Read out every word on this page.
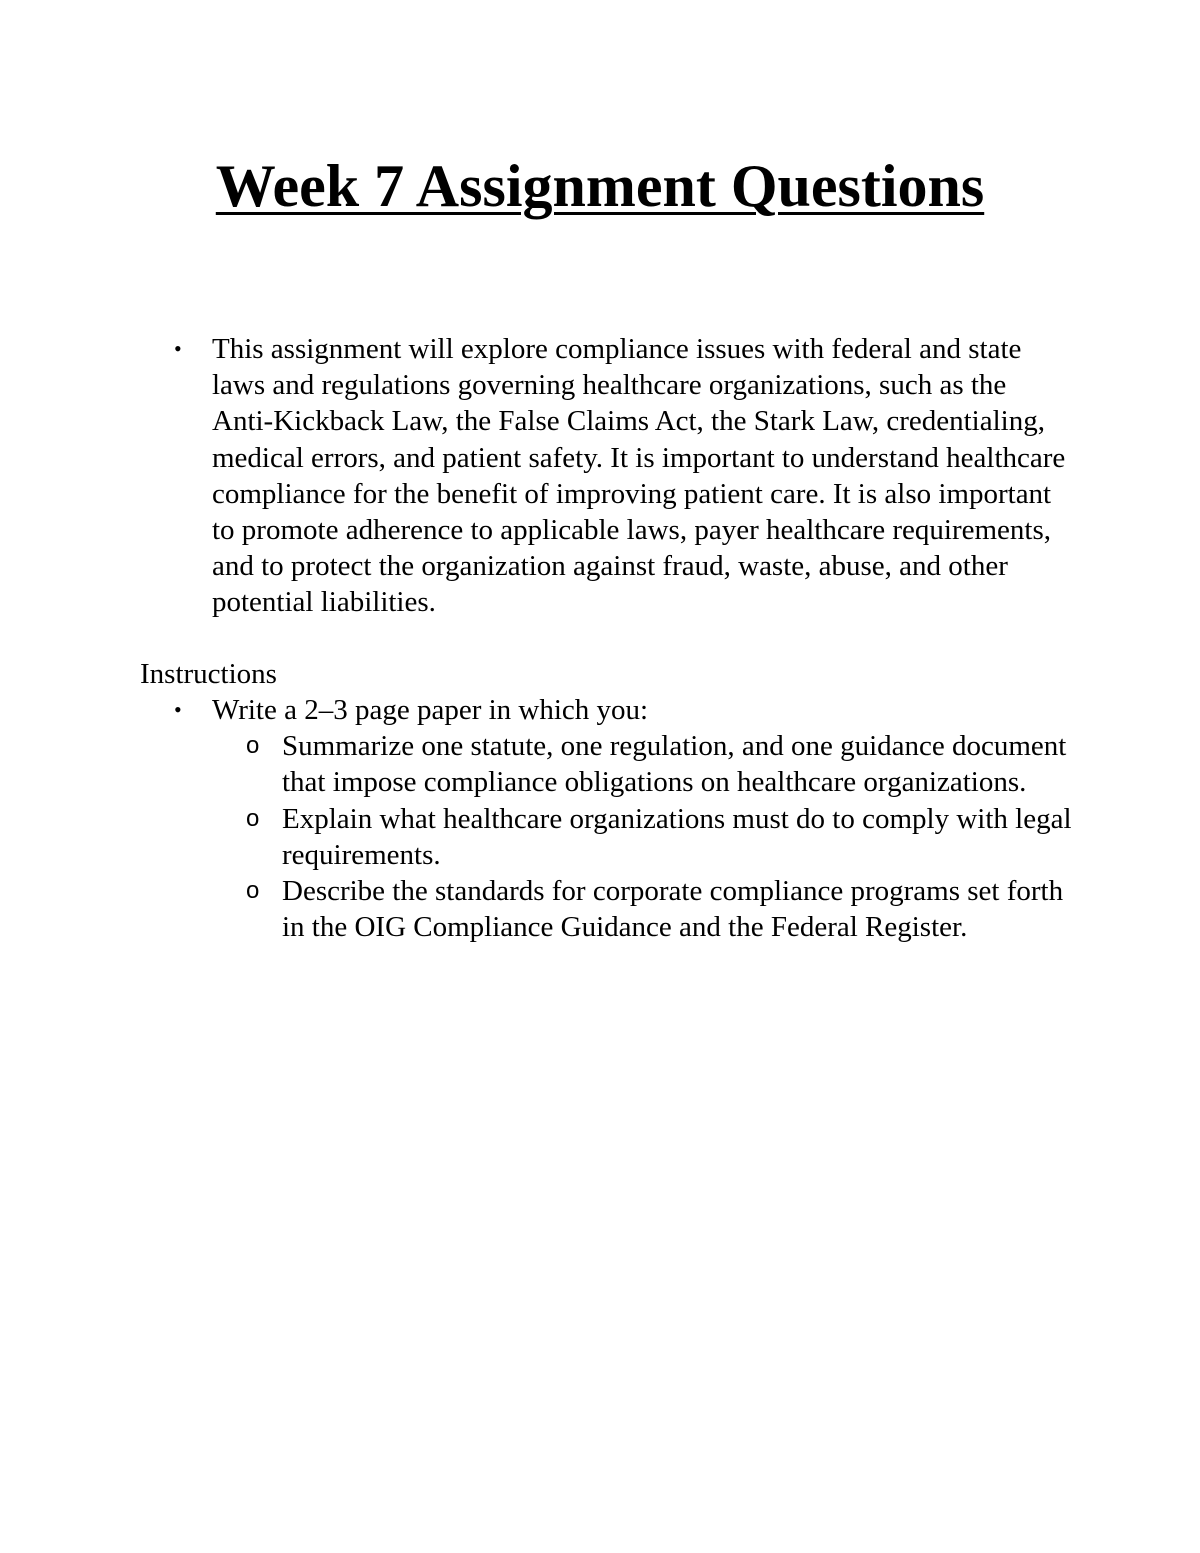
Week 7 Assignment Questions
• This assignment will explore compliance issues with federal and state laws and regulations governing healthcare organizations, such as the Anti-Kickback Law, the False Claims Act, the Stark Law, credentialing, medical errors, and patient safety. It is important to understand healthcare compliance for the benefit of improving patient care. It is also important to promote adherence to applicable laws, payer healthcare requirements, and to protect the organization against fraud, waste, abuse, and other potential liabilities.

Instructions

• Write a 2–3 page paper in which you:
o Summarize one statute, one regulation, and one guidance document that impose compliance obligations on healthcare organizations.
o Explain what healthcare organizations must do to comply with legal requirements.
o Describe the standards for corporate compliance programs set forth in the OIG Compliance Guidance and the Federal Register.
